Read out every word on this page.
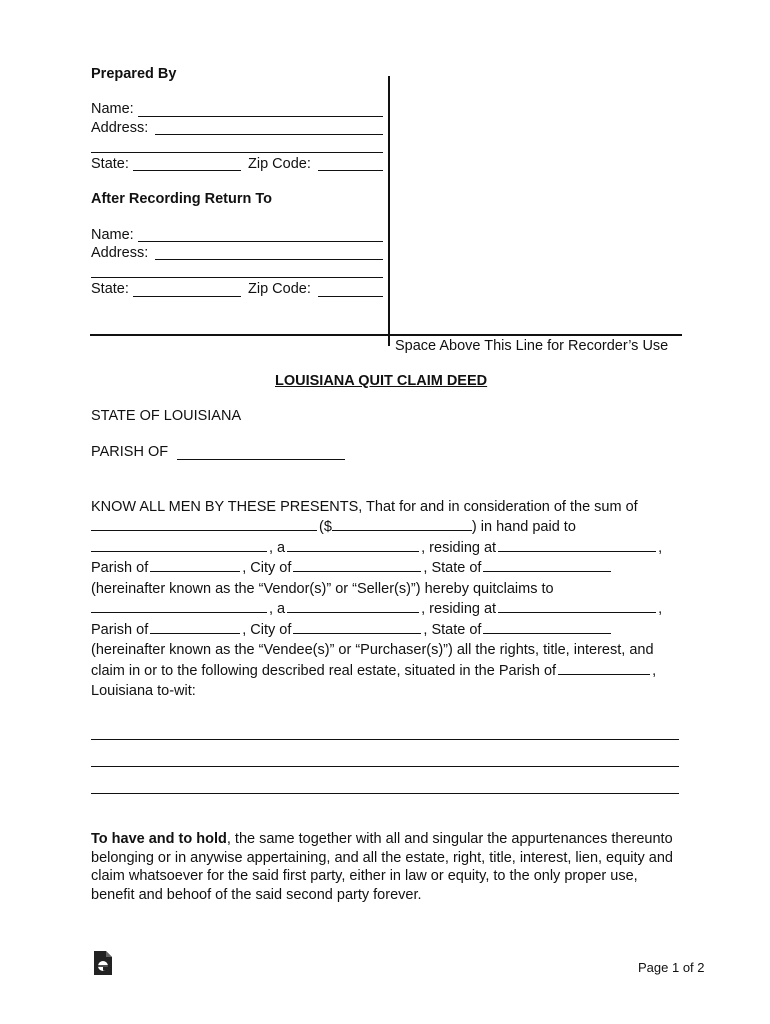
Prepared By
Name:
Address:
State:	Zip Code:
After Recording Return To
Name:
Address:
State:	Zip Code:
Space Above This Line for Recorder’s Use
LOUISIANA QUIT CLAIM DEED
STATE OF LOUISIANA
PARISH OF
KNOW ALL MEN BY THESE PRESENTS, That for and in consideration of the sum of
($	) in hand paid to
, a	, residing at	,
Parish of	, City of	, State of
(hereinafter known as the “Vendor(s)” or “Seller(s)”) hereby quitclaims to
, a	, residing at	,
Parish of	, City of	, State of
(hereinafter known as the “Vendee(s)” or “Purchaser(s)”) all the rights, title, interest, and
claim in or to the following described real estate, situated in the Parish of	,
Louisiana to-wit:
To have and to hold, the same together with all and singular the appurtenances thereunto belonging or in anywise appertaining, and all the estate, right, title, interest, lien, equity and claim whatsoever for the said first party, either in law or equity, to the only proper use, benefit and behoof of the said second party forever.
Page 1 of 2
